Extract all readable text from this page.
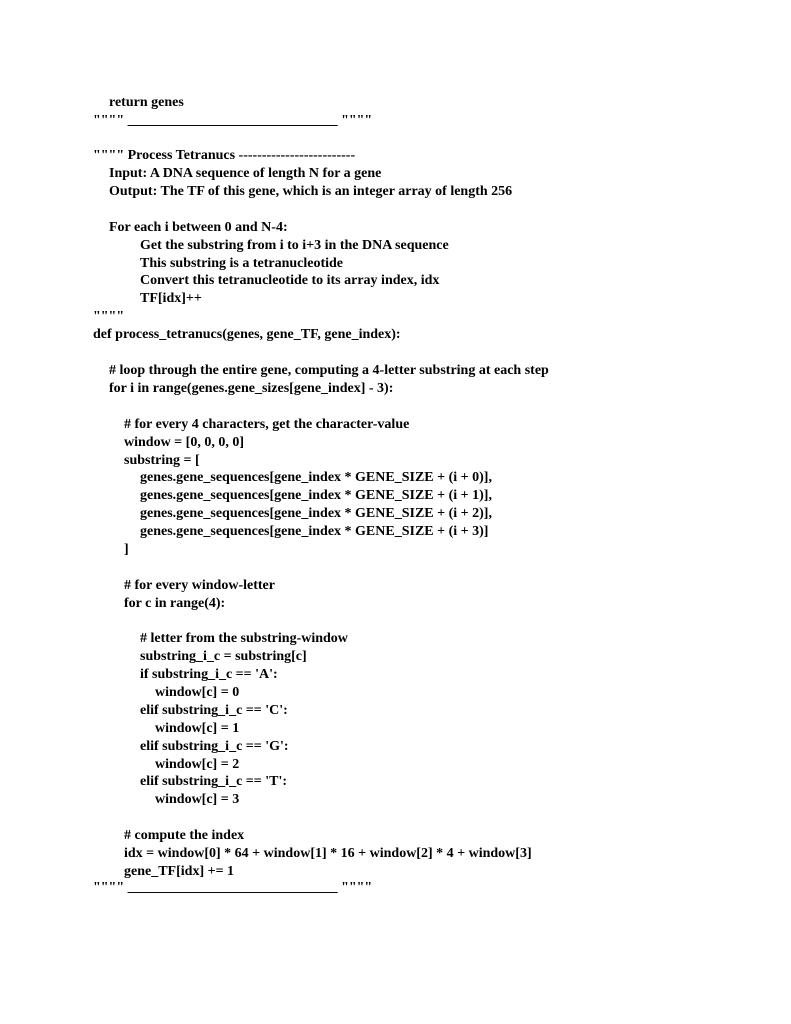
return genes
"""" ______________________________ """"
"""" Process Tetranucs -------------------------
Input: A DNA sequence of length N for a gene
Output: The TF of this gene, which is an integer array of length 256
For each i between 0 and N-4:
Get the substring from i to i+3 in the DNA sequence
This substring is a tetranucleotide
Convert this tetranucleotide to its array index, idx
TF[idx]++
""""
def process_tetranucs(genes, gene_TF, gene_index):
# loop through the entire gene, computing a 4-letter substring at each step
for i in range(genes.gene_sizes[gene_index] - 3):
# for every 4 characters, get the character-value
window = [0, 0, 0, 0]
substring = [
genes.gene_sequences[gene_index * GENE_SIZE + (i + 0)],
genes.gene_sequences[gene_index * GENE_SIZE + (i + 1)],
genes.gene_sequences[gene_index * GENE_SIZE + (i + 2)],
genes.gene_sequences[gene_index * GENE_SIZE + (i + 3)]
]
# for every window-letter
for c in range(4):
# letter from the substring-window
substring_i_c = substring[c]
if substring_i_c == 'A':
window[c] = 0
elif substring_i_c == 'C':
window[c] = 1
elif substring_i_c == 'G':
window[c] = 2
elif substring_i_c == 'T':
window[c] = 3
# compute the index
idx = window[0] * 64 + window[1] * 16 + window[2] * 4 + window[3]
gene_TF[idx] += 1
"""" ______________________________ """"
